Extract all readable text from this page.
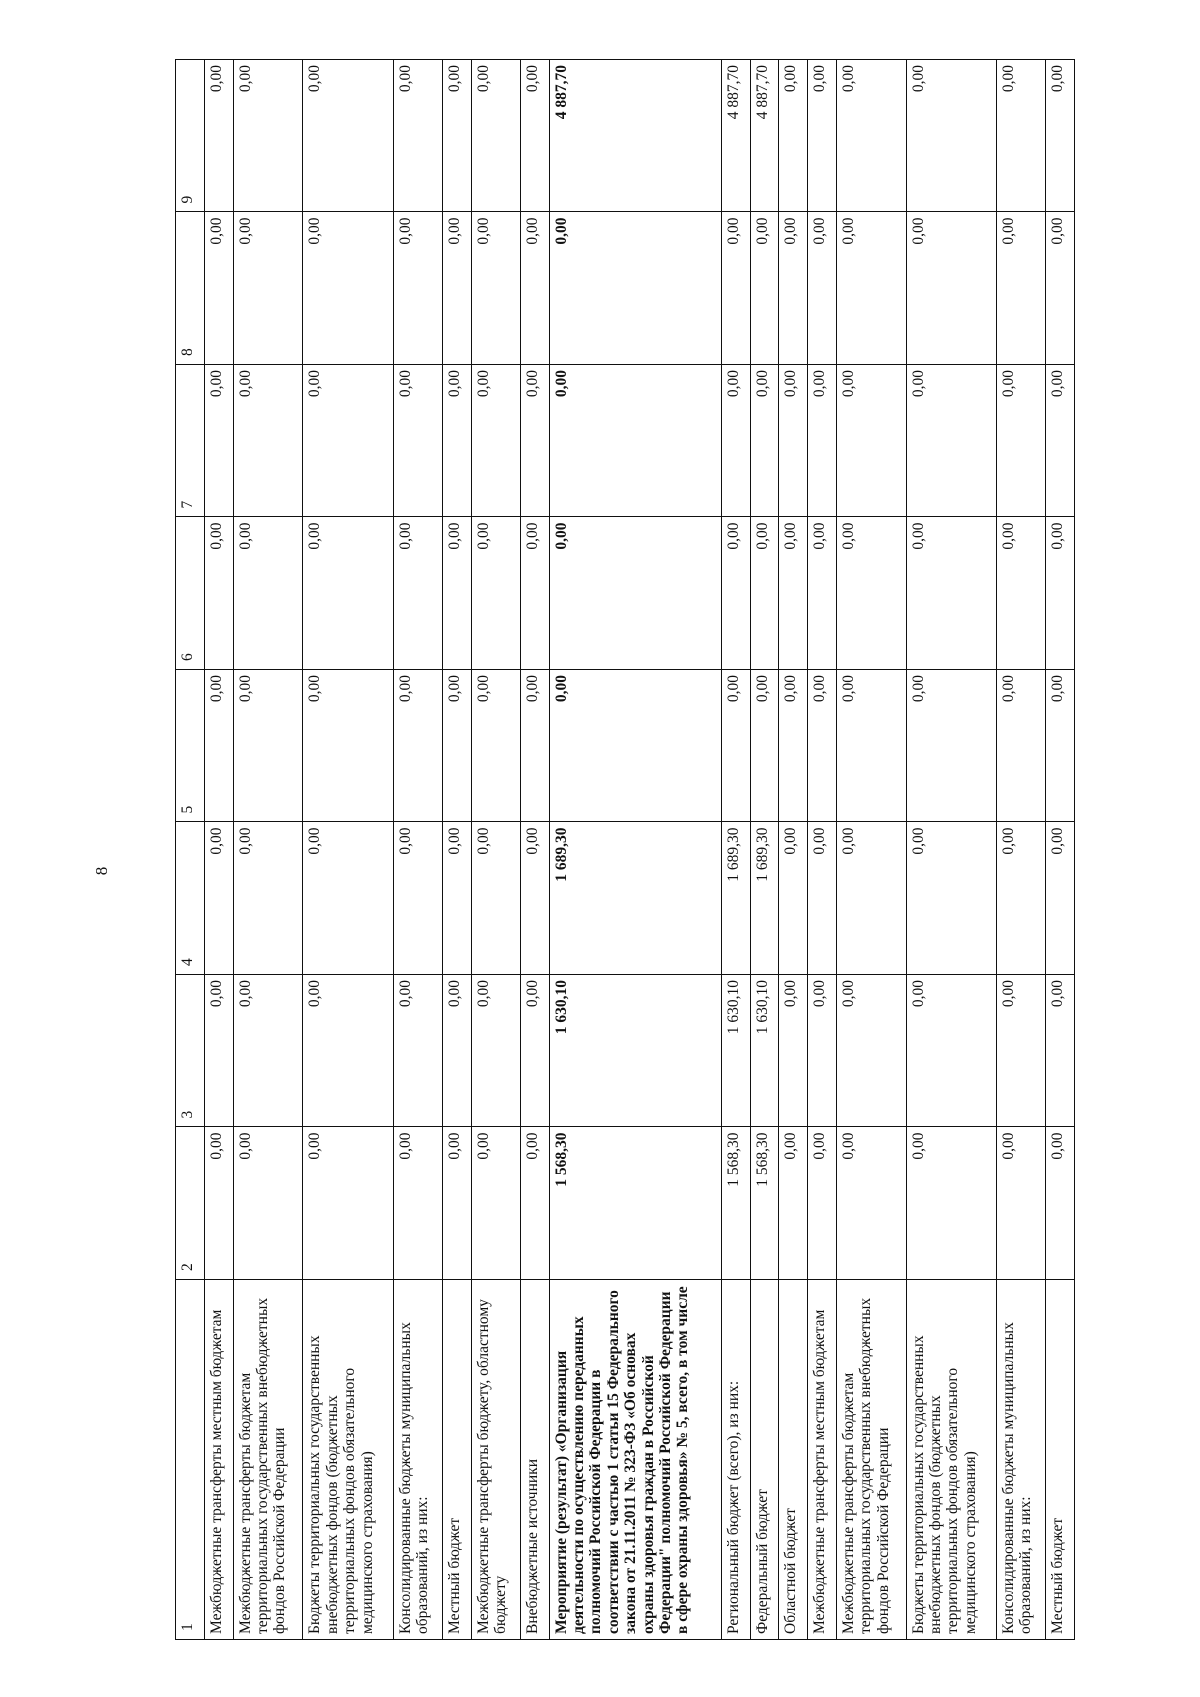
8
1	2	3	4	5	6	7	8	9
Межбюджетные трансферты местным бюджетам	0,00	0,00	0,00	0,00	0,00	0,00	0,00	0,00
Межбюджетные трансферты бюджетам территориальных государственных внебюджетных фондов Российской Федерации	0,00	0,00	0,00	0,00	0,00	0,00	0,00	0,00
Бюджеты территориальных государственных внебюджетных фондов (бюджетных территориальных фондов обязательного медицинского страхования)	0,00	0,00	0,00	0,00	0,00	0,00	0,00	0,00
Консолидированные бюджеты муниципальных образований, из них:	0,00	0,00	0,00	0,00	0,00	0,00	0,00	0,00
Местный бюджет	0,00	0,00	0,00	0,00	0,00	0,00	0,00	0,00
Межбюджетные трансферты бюджету, областному бюджету	0,00	0,00	0,00	0,00	0,00	0,00	0,00	0,00
Внебюджетные источники	0,00	0,00	0,00	0,00	0,00	0,00	0,00	0,00
Мероприятие (результат) «Организация деятельности по осуществлению переданных полномочий Российской Федерации в соответствии с частью 1 статьи 15 Федерального закона от 21.11.2011 № 323-ФЗ «Об основах охраны здоровья граждан в Российской Федерации" полномочий Российской Федерации в сфере охраны здоровья» № 5, всего, в том числе	1 568,30	1 630,10	1 689,30	0,00	0,00	0,00	0,00	4 887,70
Региональный бюджет (всего), из них:	1 568,30	1 630,10	1 689,30	0,00	0,00	0,00	0,00	4 887,70
Федеральный бюджет	1 568,30	1 630,10	1 689,30	0,00	0,00	0,00	0,00	4 887,70
Областной бюджет	0,00	0,00	0,00	0,00	0,00	0,00	0,00	0,00
Межбюджетные трансферты местным бюджетам	0,00	0,00	0,00	0,00	0,00	0,00	0,00	0,00
Межбюджетные трансферты бюджетам территориальных государственных внебюджетных фондов Российской Федерации	0,00	0,00	0,00	0,00	0,00	0,00	0,00	0,00
Бюджеты территориальных государственных внебюджетных фондов (бюджетных территориальных фондов обязательного медицинского страхования)	0,00	0,00	0,00	0,00	0,00	0,00	0,00	0,00
Консолидированные бюджеты муниципальных образований, из них:	0,00	0,00	0,00	0,00	0,00	0,00	0,00	0,00
Местный бюджет	0,00	0,00	0,00	0,00	0,00	0,00	0,00	0,00
